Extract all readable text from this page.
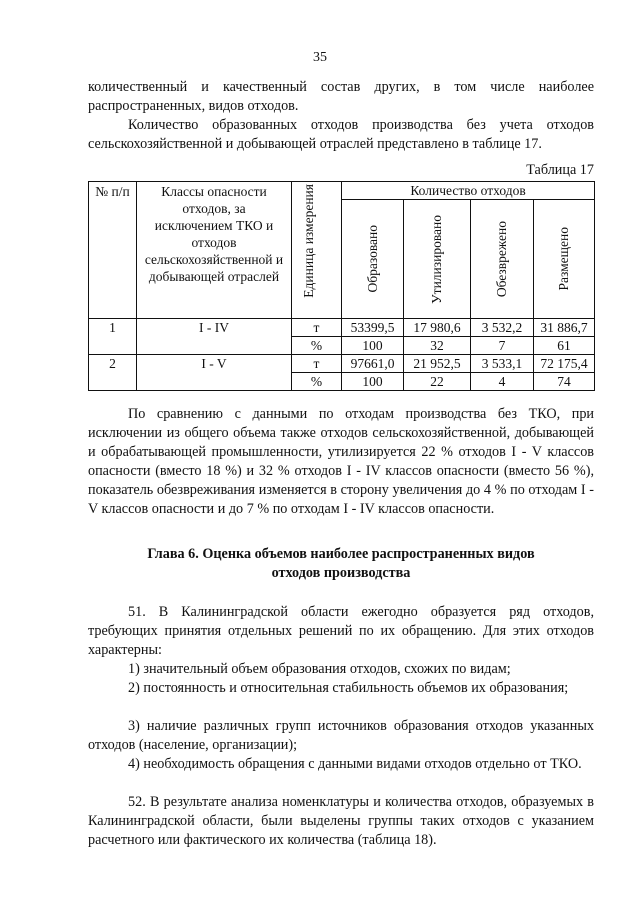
35

количественный и качественный состав других, в том числе наиболее распространенных, видов отходов.

Количество образованных отходов производства без учета отходов сельскохозяйственной и добывающей отраслей представлено в таблице 17.

Таблица 17
№ п/п	Классы опасности отходов, за исключением ТКО и отходов сельскохозяйственной и добывающей отраслей	Единица измерения	Количество отходов			

			Образовано	Утилизировано	Обезврежено	Размещено

1	I - IV	т	53399,5	17 980,6	3 532,2	31 886,7
		%	100	32	7	61
2	I - V	т	97661,0	21 952,5	3 533,1	72 175,4
		%	100	22	4	74

По сравнению с данными по отходам производства без ТКО, при исключении из общего объема также отходов сельскохозяйственной, добывающей и обрабатывающей промышленности, утилизируется 22 % отходов I - V классов опасности (вместо 18 %) и 32 % отходов I - IV классов опасности (вместо 56 %), показатель обезвреживания изменяется в сторону увеличения до 4 % по отходам I - V классов опасности и до 7 % по отходам I - IV классов опасности.

Глава 6. Оценка объемов наиболее распространенных видов
отходов производства

51. В Калининградской области ежегодно образуется ряд отходов, требующих принятия отдельных решений по их обращению. Для этих отходов характерны:

1) значительный объем образования отходов, схожих по видам;

2) постоянность и относительная стабильность объемов их образования;

3) наличие различных групп источников образования отходов указанных отходов (население, организации);

4) необходимость обращения с данными видами отходов отдельно от ТКО.

52. В результате анализа номенклатуры и количества отходов, образуемых в Калининградской области, были выделены группы таких отходов с указанием расчетного или фактического их количества (таблица 18).
